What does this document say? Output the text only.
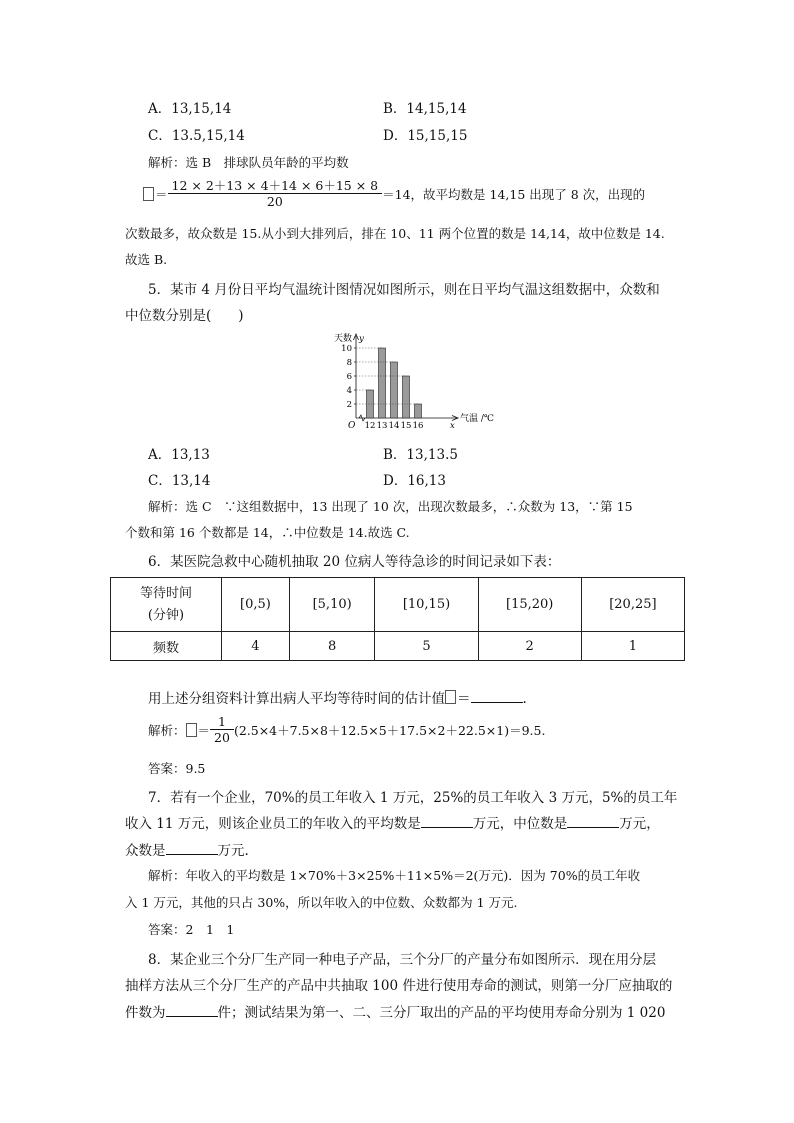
A．13,15,14	B．14,15,14
C．13.5,15,14	D．15,15,15
解析：选 B　排球队员年龄的平均数
＝ $\frac{12 \times 2+13 \times 4+14 \times 6+15 \times 8}{20} =14$，故平均数是 14,15 出现了 8 次，出现的
次数最多，故众数是 15.从小到大排列后，排在 10、11 两个位置的数是 14,14，故中位数是 14.
故选 B.
5．某市 4 月份日平均气温统计图情况如图所示，则在日平均气温这组数据中，众数和
中位数分别是(　　)
2
4
6
8
10
天数 y
气温 /℃
x
O 12 13 14 15 16
A．13,13	B．13,13.5
C．13,14	D．16,13
解析：选 C　∵这组数据中，13 出现了 10 次，出现次数最多，∴众数为 13，∵第 15
个数和第 16 个数都是 14，∴中位数是 14.故选 C.
6．某医院急救中心随机抽取 20 位病人等待急诊的时间记录如下表：
等待时间
(分钟)	[0,5)	[5,10)	[10,15)	[15,20)	[20,25]
频数	4	8	5	2	1
用上述分组资料计算出病人平均等待时间的估计值 ＝	.
解析： ＝ $\frac{1}{20} (2.5\times 4+7.5\times 8+12.5\times 5+17.5\times 2+22.5\times 1)=9.5$.
答案：9.5
7．若有一个企业，70%的员工年收入 1 万元，25%的员工年收入 3 万元，5%的员工年
收入 11 万元，则该企业员工的年收入的平均数是	万元，中位数是	万元，
众数是	万元.
解析：年收入的平均数是 1×70%＋3×25%＋11×5%＝2(万元)．因为 70%的员工年收
入 1 万元，其他的只占 30%，所以年收入的中位数、众数都为 1 万元.
答案：2　1　1
8．某企业三个分厂生产同一种电子产品，三个分厂的产量分布如图所示．现在用分层
抽样方法从三个分厂生产的产品中共抽取 100 件进行使用寿命的测试，则第一分厂应抽取的
件数为	件；测试结果为第一、二、三分厂取出的产品的平均使用寿命分别为 1 020
